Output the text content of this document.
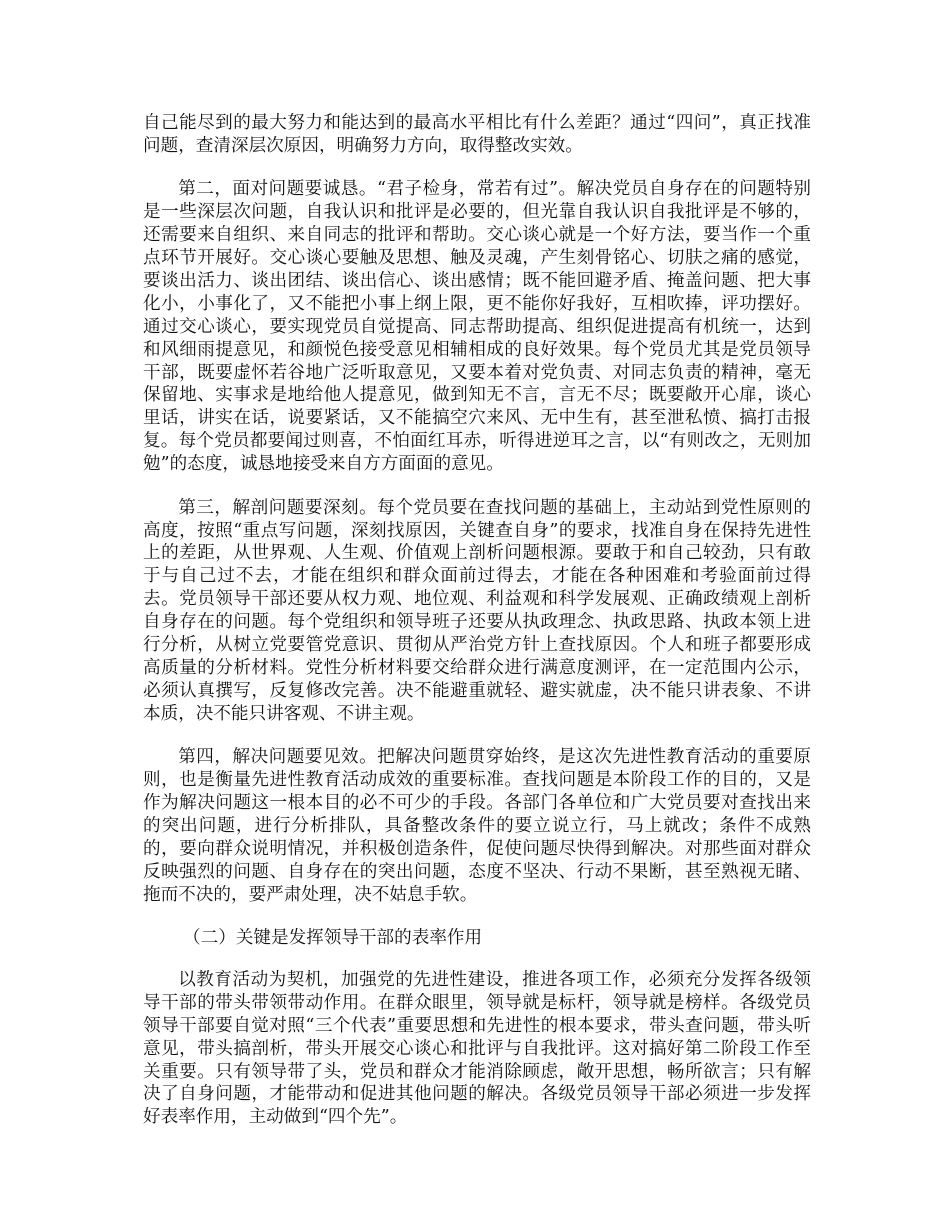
自己能尽到的最大努力和能达到的最高水平相比有什么差距？通过“四问”，真正找准问题，查清深层次原因，明确努力方向，取得整改实效。

第二，面对问题要诚恳。“君子检身，常若有过”。解决党员自身存在的问题特别是一些深层次问题，自我认识和批评是必要的，但光靠自我认识自我批评是不够的，还需要来自组织、来自同志的批评和帮助。交心谈心就是一个好方法，要当作一个重点环节开展好。交心谈心要触及思想、触及灵魂，产生刻骨铭心、切肤之痛的感觉，要谈出活力、谈出团结、谈出信心、谈出感情；既不能回避矛盾、掩盖问题、把大事化小，小事化了，又不能把小事上纲上限，更不能你好我好，互相吹捧，评功摆好。通过交心谈心，要实现党员自觉提高、同志帮助提高、组织促进提高有机统一，达到和风细雨提意见，和颜悦色接受意见相辅相成的良好效果。每个党员尤其是党员领导干部，既要虚怀若谷地广泛听取意见，又要本着对党负责、对同志负责的精神，毫无保留地、实事求是地给他人提意见，做到知无不言，言无不尽；既要敞开心扉，谈心里话，讲实在话，说要紧话，又不能搞空穴来风、无中生有，甚至泄私愤、搞打击报复。每个党员都要闻过则喜，不怕面红耳赤，听得进逆耳之言，以“有则改之，无则加勉”的态度，诚恳地接受来自方方面面的意见。

第三，解剖问题要深刻。每个党员要在查找问题的基础上，主动站到党性原则的高度，按照“重点写问题，深刻找原因，关键查自身”的要求，找准自身在保持先进性上的差距，从世界观、人生观、价值观上剖析问题根源。要敢于和自己较劲，只有敢于与自己过不去，才能在组织和群众面前过得去，才能在各种困难和考验面前过得去。党员领导干部还要从权力观、地位观、利益观和科学发展观、正确政绩观上剖析自身存在的问题。每个党组织和领导班子还要从执政理念、执政思路、执政本领上进行分析，从树立党要管党意识、贯彻从严治党方针上查找原因。个人和班子都要形成高质量的分析材料。党性分析材料要交给群众进行满意度测评，在一定范围内公示，必须认真撰写，反复修改完善。决不能避重就轻、避实就虚，决不能只讲表象、不讲本质，决不能只讲客观、不讲主观。

第四，解决问题要见效。把解决问题贯穿始终，是这次先进性教育活动的重要原则，也是衡量先进性教育活动成效的重要标准。查找问题是本阶段工作的目的，又是作为解决问题这一根本目的必不可少的手段。各部门各单位和广大党员要对查找出来的突出问题，进行分析排队，具备整改条件的要立说立行，马上就改；条件不成熟的，要向群众说明情况，并积极创造条件，促使问题尽快得到解决。对那些面对群众反映强烈的问题、自身存在的突出问题，态度不坚决、行动不果断，甚至熟视无睹、拖而不决的，要严肃处理，决不姑息手软。

（二）关键是发挥领导干部的表率作用

以教育活动为契机，加强党的先进性建设，推进各项工作，必须充分发挥各级领导干部的带头带领带动作用。在群众眼里，领导就是标杆，领导就是榜样。各级党员领导干部要自觉对照“三个代表”重要思想和先进性的根本要求，带头查问题，带头听意见，带头搞剖析，带头开展交心谈心和批评与自我批评。这对搞好第二阶段工作至关重要。只有领导带了头，党员和群众才能消除顾虑，敞开思想，畅所欲言；只有解决了自身问题，才能带动和促进其他问题的解决。各级党员领导干部必须进一步发挥好表率作用，主动做到“四个先”。
